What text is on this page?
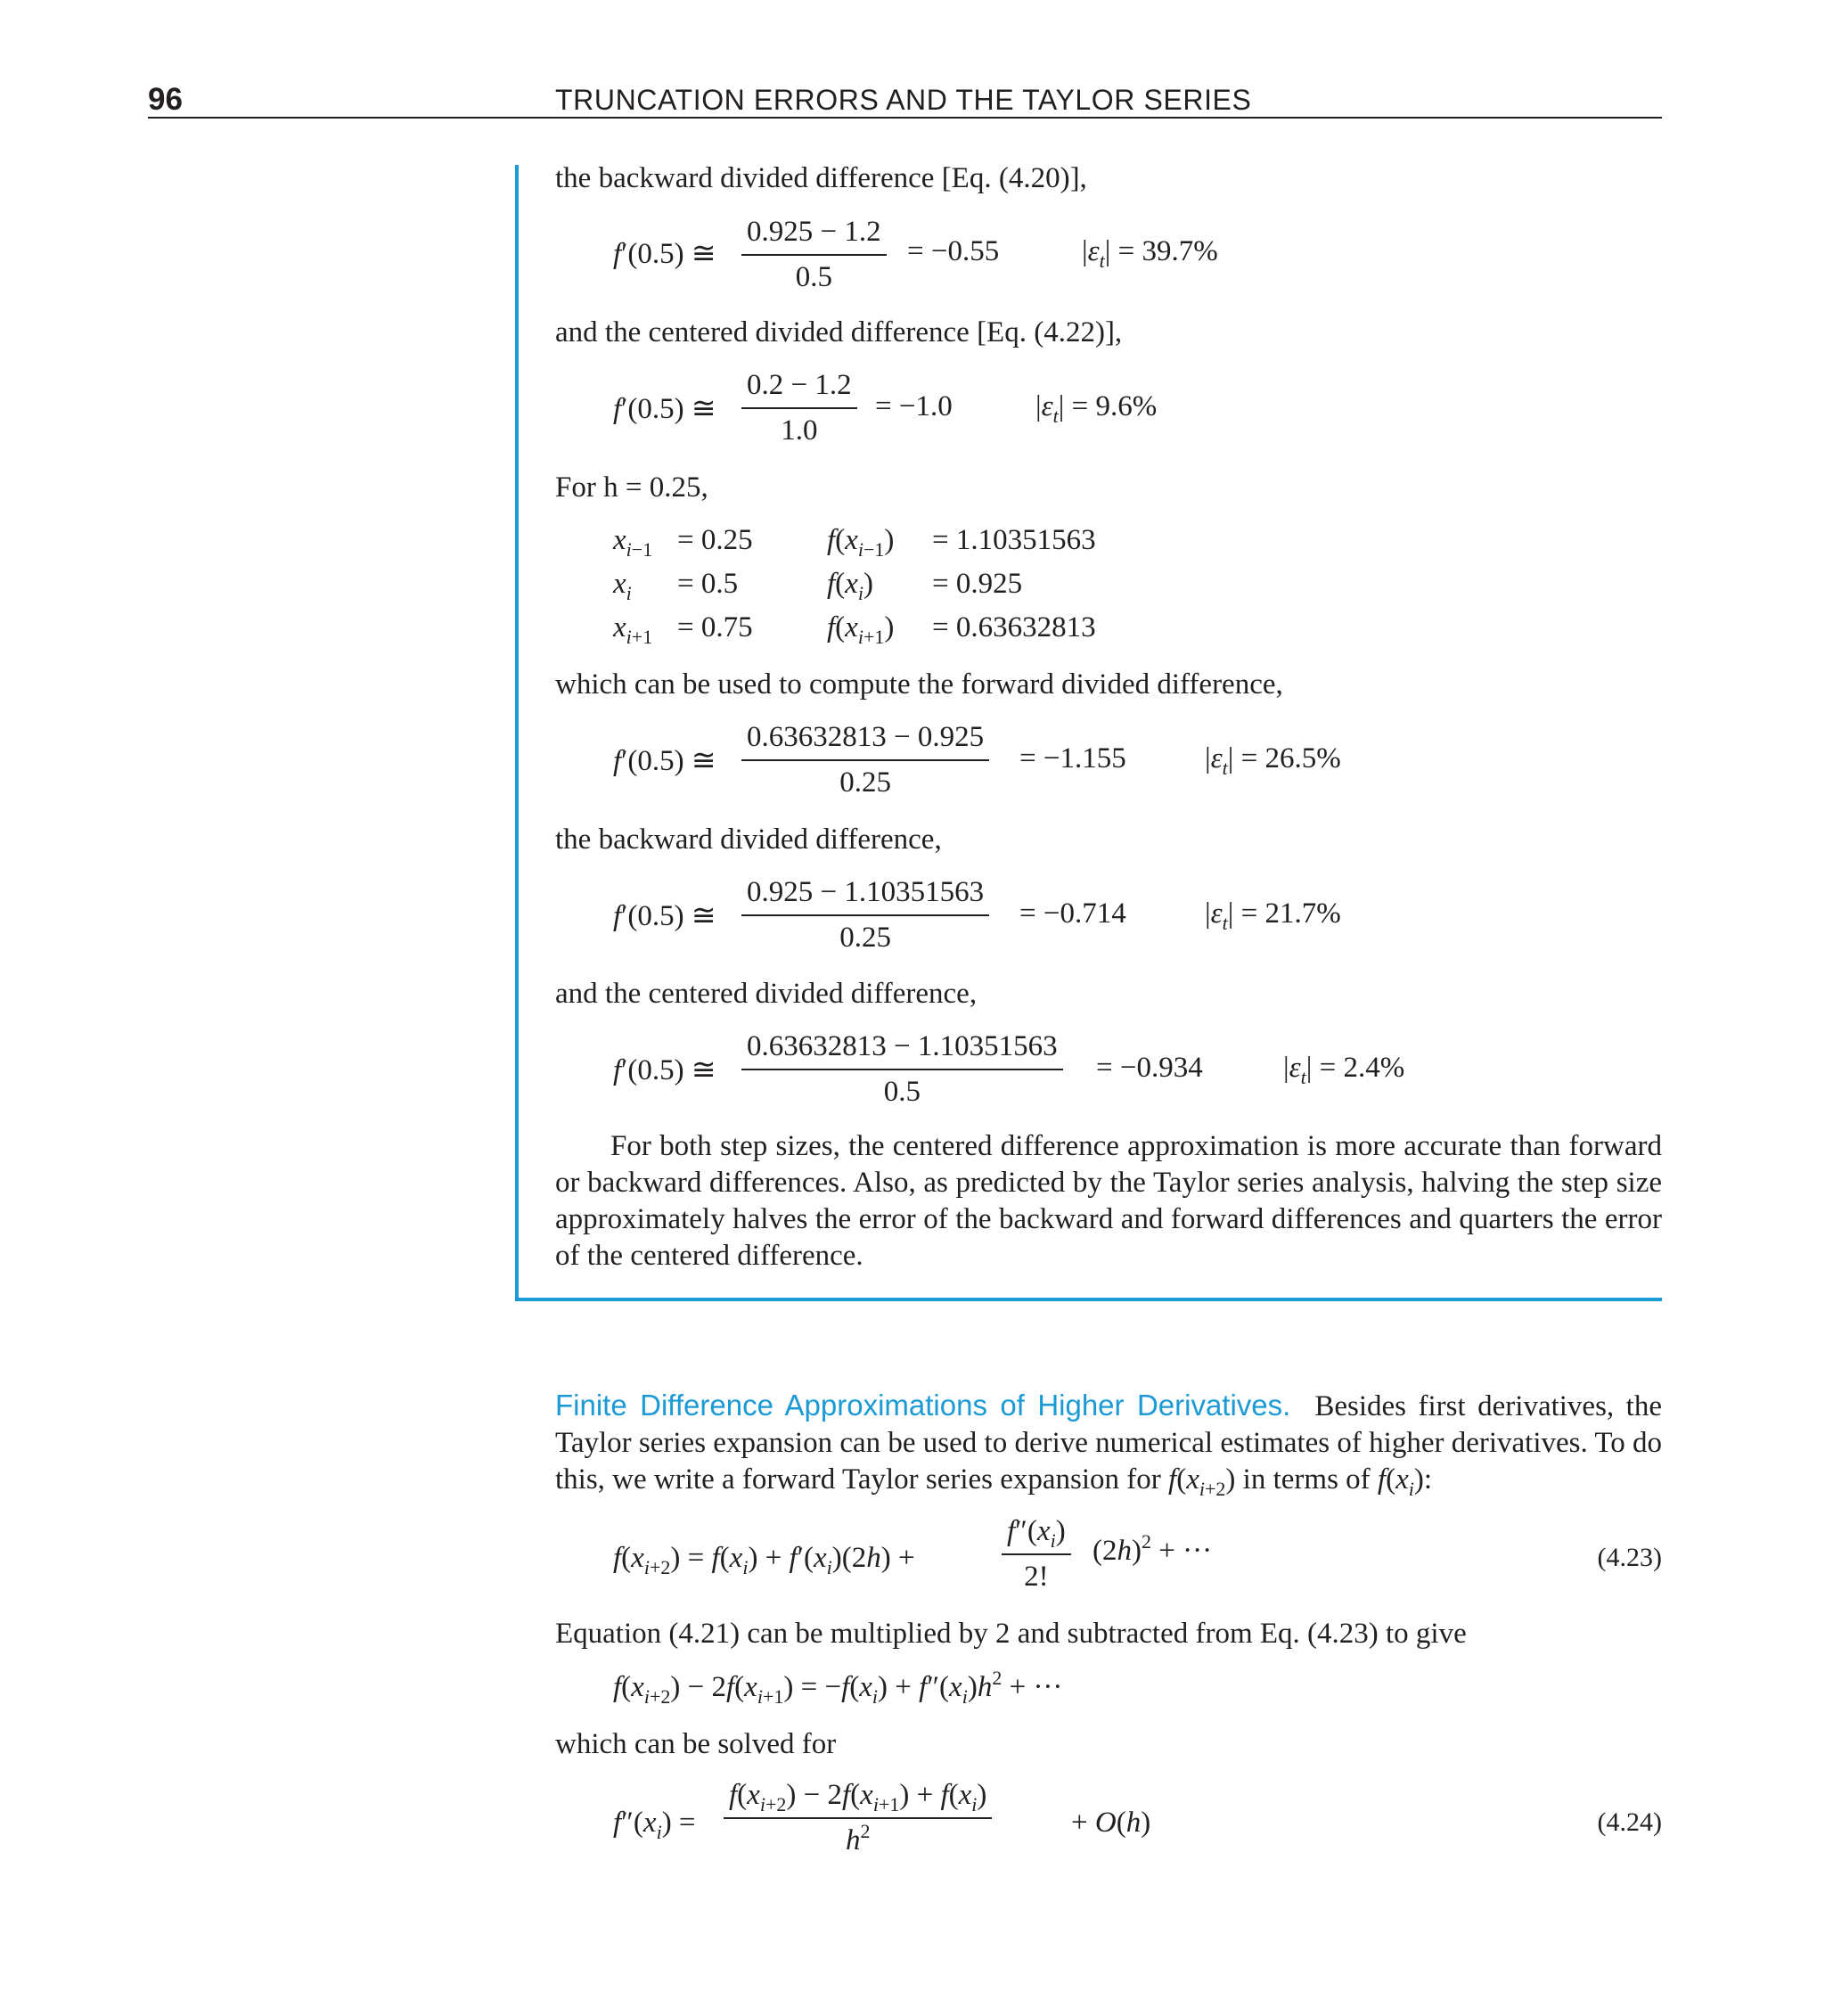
96	TRUNCATION ERRORS AND THE TAYLOR SERIES
the backward divided difference [Eq. (4.20)],
f′(0.5) ≅ $\frac{0.925 - 1.2}{0.5} = -0.55$	$|\varepsilon_t| = 39.7\%$
and the centered divided difference [Eq. (4.22)],
f′(0.5) ≅ $\frac{0.2 - 1.2}{1.0} = -1.0$	$|\varepsilon_t| = 9.6\%$
For h = 0.25,
$x_{i-1} = 0.25$	$f(x_{i-1}) = 1.10351563$
$x_i = 0.5$	$f(x_i) = 0.925$
$x_{i+1} = 0.75$	$f(x_{i+1}) = 0.63632813$
which can be used to compute the forward divided difference,
f′(0.5) ≅ $\frac{0.63632813 - 0.925}{0.25} = -1.155$	$|\varepsilon_t| = 26.5\%$
the backward divided difference,
f′(0.5) ≅ $\frac{0.925 - 1.10351563}{0.25} = -0.714$	$|\varepsilon_t| = 21.7\%$
and the centered divided difference,
f′(0.5) ≅ $\frac{0.63632813 - 1.10351563}{0.5} = -0.934$	$|\varepsilon_t| = 2.4\%$
For both step sizes, the centered difference approximation is more accurate than forward or backward differences. Also, as predicted by the Taylor series analysis, halving the step size approximately halves the error of the backward and forward differences and quarters the error of the centered difference.
Finite Difference Approximations of Higher Derivatives. Besides first derivatives, the Taylor series expansion can be used to derive numerical estimates of higher derivatives. To do this, we write a forward Taylor series expansion for $f(x_{i+2})$ in terms of $f(x_i)$:
$f(x_{i+2}) = f(x_i) + f'(x_i)(2h)$ +	$\frac{f''(x_i)}{2!} (2h)^2$ + ···	(4.23)
Equation (4.21) can be multiplied by 2 and subtracted from Eq. (4.23) to give
$f(x_{i+2}) - 2f(x_{i+1}) = -f(x_i) + f''(x_i)h^2$ + ···
which can be solved for
$f''(x_i) = \frac{f(x_{i+2}) - 2f(x_{i+1}) + f(x_i)}{h^2}$	+ O(h)	(4.24)
